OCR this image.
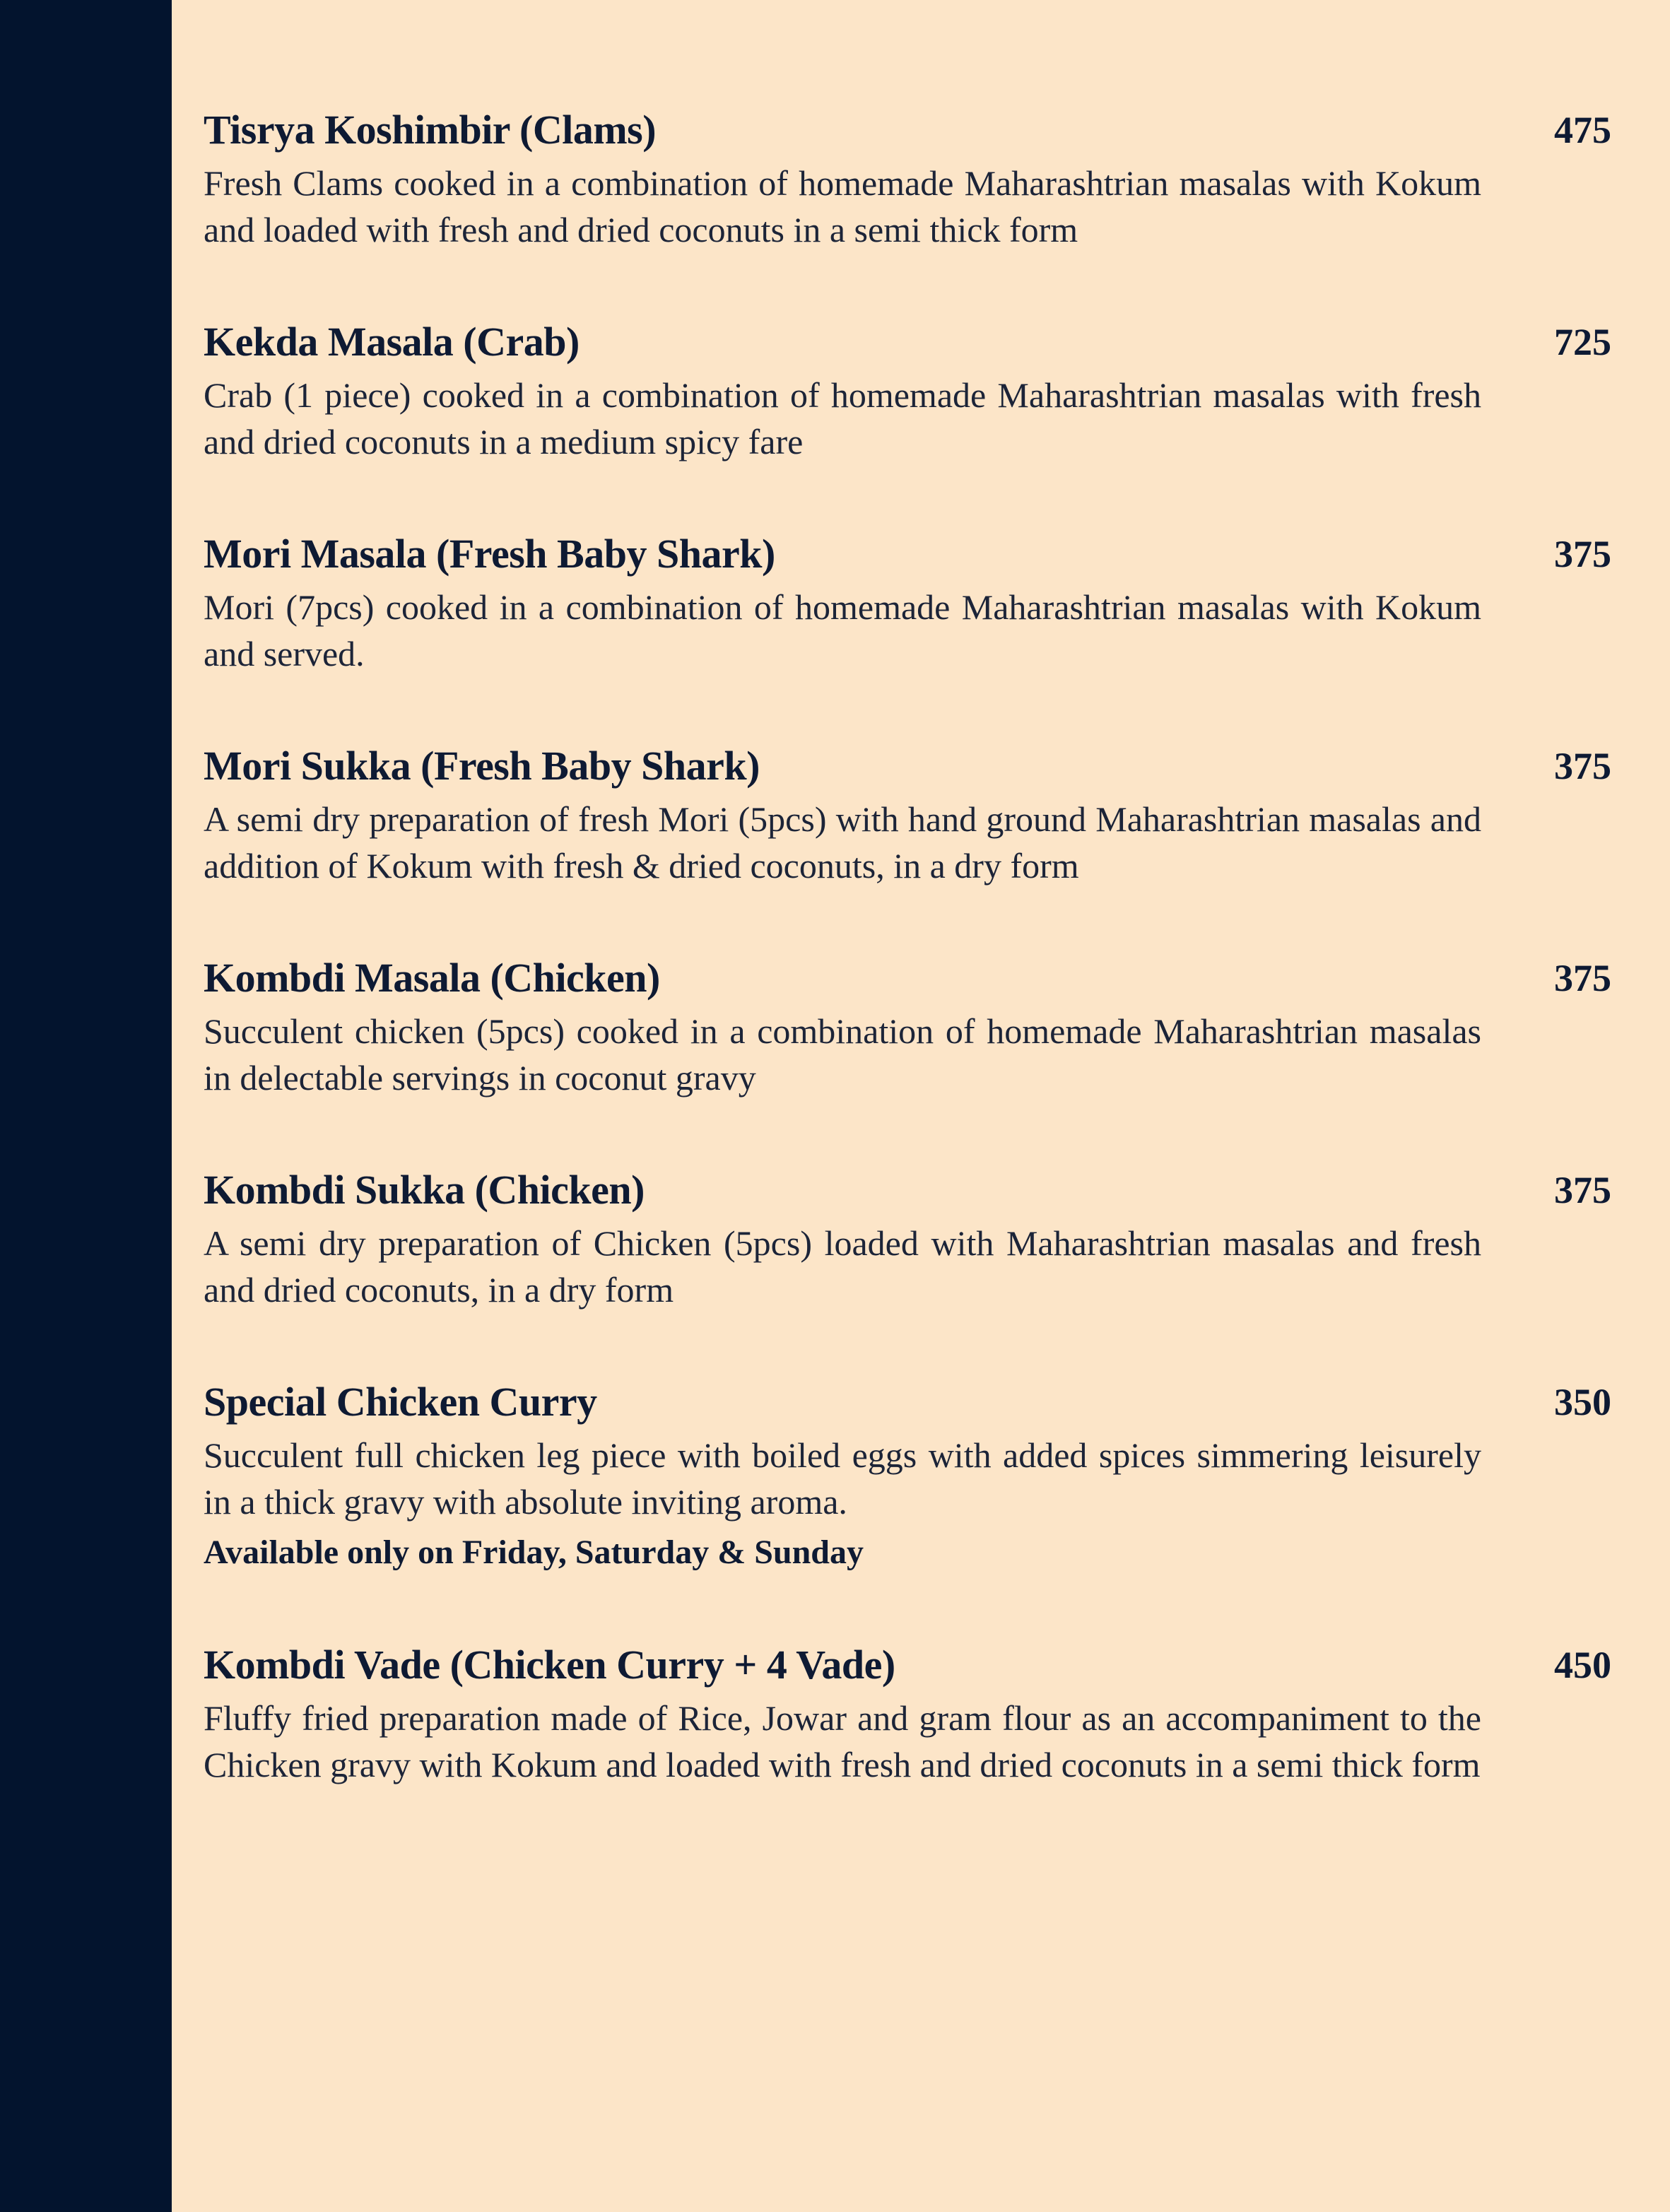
Tisrya Koshimbir (Clams)	475
Fresh Clams cooked in a combination of homemade Maharashtrian masalas with Kokum and loaded with fresh and dried coconuts in a semi thick form
Kekda Masala (Crab)	725
Crab (1 piece) cooked in a combination of homemade Maharashtrian masalas with fresh and dried coconuts in a medium spicy fare
Mori Masala (Fresh Baby Shark)	375
Mori (7pcs) cooked in a combination of homemade Maharashtrian masalas with Kokum and served.
Mori Sukka (Fresh Baby Shark)	375
A semi dry preparation of fresh Mori (5pcs) with hand ground Maharashtrian masalas and addition of Kokum with fresh & dried coconuts, in a dry form
Kombdi Masala (Chicken)	375
Succulent chicken (5pcs) cooked in a combination of homemade Maharashtrian masalas in delectable servings in coconut gravy
Kombdi Sukka (Chicken)	375
A semi dry preparation of Chicken (5pcs) loaded with Maharashtrian masalas and fresh and dried coconuts, in a dry form
Special Chicken Curry	350
Succulent full chicken leg piece with boiled eggs with added spices simmering leisurely in a thick gravy with absolute inviting aroma.
Available only on Friday, Saturday & Sunday
Kombdi Vade (Chicken Curry + 4 Vade)	450
Fluffy fried preparation made of Rice, Jowar and gram flour as an accompaniment to the Chicken gravy with Kokum and loaded with fresh and dried coconuts in a semi thick form
